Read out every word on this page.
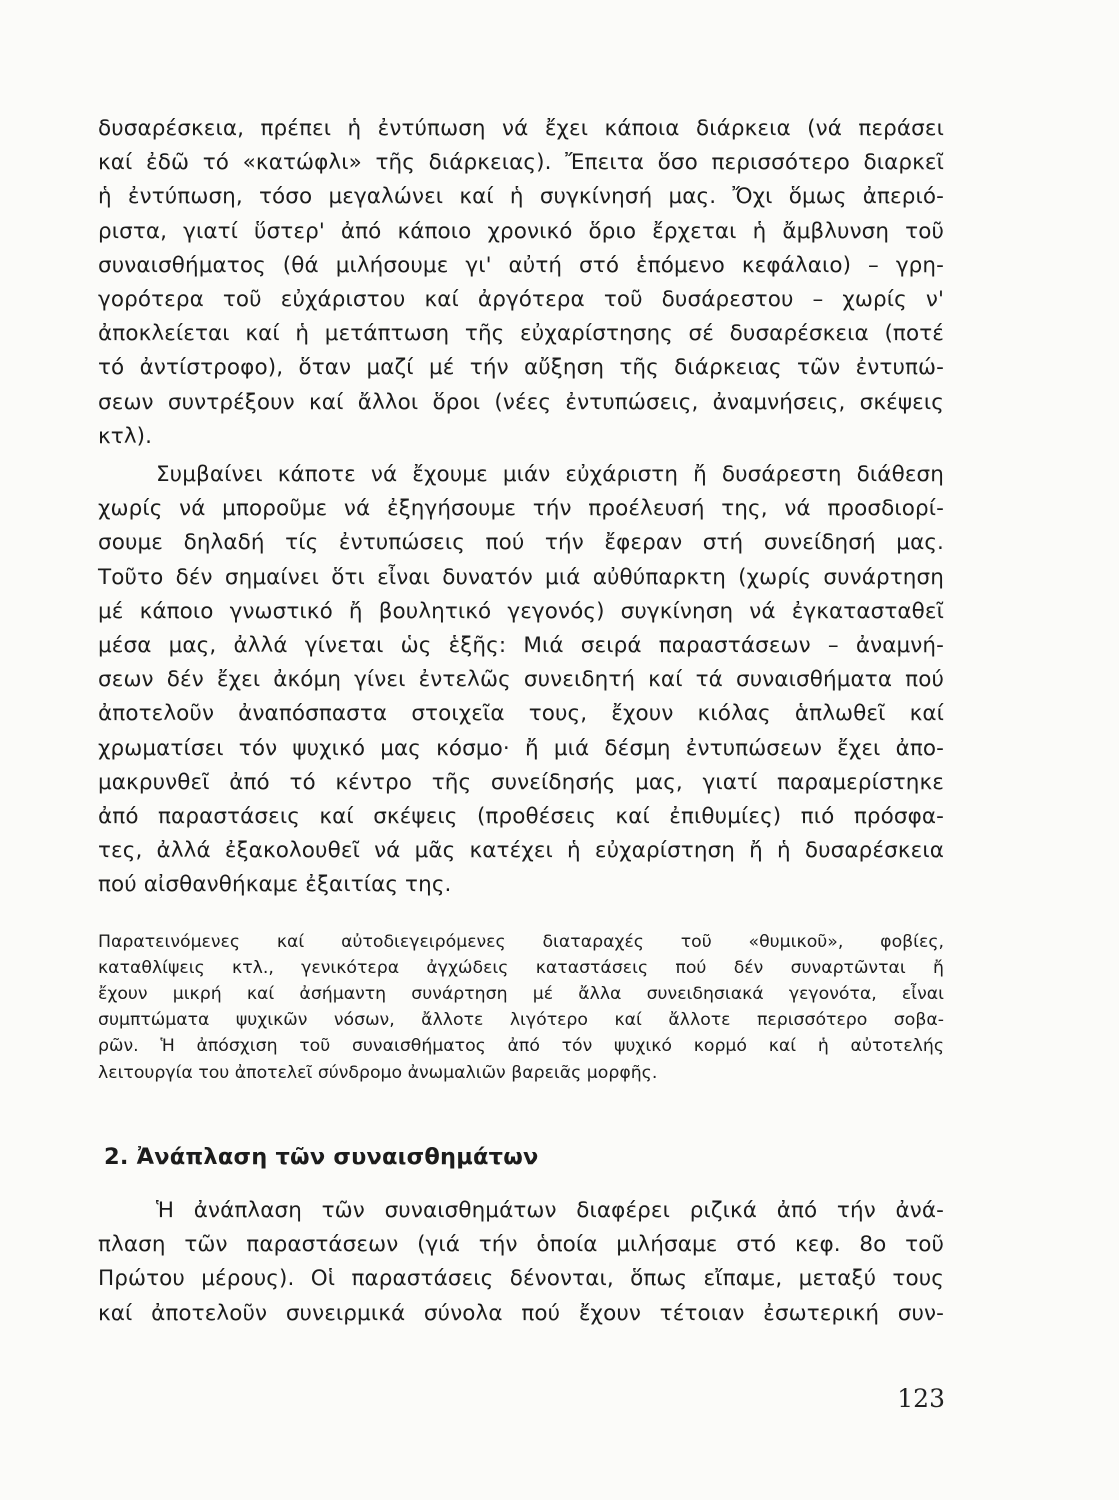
δυσαρέσκεια, πρέπει ἡ ἐντύπωση νά ἔχει κάποια διάρκεια (νά περάσει
καί ἐδῶ τό «κατώφλι» τῆς διάρκειας). Ἔπειτα ὅσο περισσότερο διαρκεῖ
ἡ ἐντύπωση, τόσο μεγαλώνει καί ἡ συγκίνησή μας. Ὄχι ὅμως ἀπεριό-
ριστα, γιατί ὕστερ' ἀπό κάποιο χρονικό ὅριο ἔρχεται ἡ ἄμβλυνση τοῦ
συναισθήματος (θά μιλήσουμε γι' αὐτή στό ἑπόμενο κεφάλαιο) – γρη-
γορότερα τοῦ εὐχάριστου καί ἀργότερα τοῦ δυσάρεστου – χωρίς ν'
ἀποκλείεται καί ἡ μετάπτωση τῆς εὐχαρίστησης σέ δυσαρέσκεια (ποτέ
τό ἀντίστροφο), ὅταν μαζί μέ τήν αὔξηση τῆς διάρκειας τῶν ἐντυπώ-
σεων συντρέξουν καί ἄλλοι ὅροι (νέες ἐντυπώσεις, ἀναμνήσεις, σκέψεις
κτλ).

Συμβαίνει κάποτε νά ἔχουμε μιάν εὐχάριστη ἤ δυσάρεστη διάθεση
χωρίς νά μποροῦμε νά ἐξηγήσουμε τήν προέλευσή της, νά προσδιορί-
σουμε δηλαδή τίς ἐντυπώσεις πού τήν ἔφεραν στή συνείδησή μας.
Τοῦτο δέν σημαίνει ὅτι εἶναι δυνατόν μιά αὐθύπαρκτη (χωρίς συνάρτηση
μέ κάποιο γνωστικό ἤ βουλητικό γεγονός) συγκίνηση νά ἐγκατασταθεῖ
μέσα μας, ἀλλά γίνεται ὡς ἑξῆς: Μιά σειρά παραστάσεων – ἀναμνή-
σεων δέν ἔχει ἀκόμη γίνει ἐντελῶς συνειδητή καί τά συναισθήματα πού
ἀποτελοῦν ἀναπόσπαστα στοιχεῖα τους, ἔχουν κιόλας ἁπλωθεῖ καί
χρωματίσει τόν ψυχικό μας κόσμο· ἤ μιά δέσμη ἐντυπώσεων ἔχει ἀπο-
μακρυνθεῖ ἀπό τό κέντρο τῆς συνείδησής μας, γιατί παραμερίστηκε
ἀπό παραστάσεις καί σκέψεις (προθέσεις καί ἐπιθυμίες) πιό πρόσφα-
τες, ἀλλά ἐξακολουθεῖ νά μᾶς κατέχει ἡ εὐχαρίστηση ἤ ἡ δυσαρέσκεια
πού αἰσθανθήκαμε ἐξαιτίας της.

Παρατεινόμενες καί αὐτοδιεγειρόμενες διαταραχές τοῦ «θυμικοῦ», φοβίες,
καταθλίψεις κτλ., γενικότερα ἀγχώδεις καταστάσεις πού δέν συναρτῶνται ἤ
ἔχουν μικρή καί ἀσήμαντη συνάρτηση μέ ἄλλα συνειδησιακά γεγονότα, εἶναι
συμπτώματα ψυχικῶν νόσων, ἄλλοτε λιγότερο καί ἄλλοτε περισσότερο σοβα-
ρῶν. Ἡ ἀπόσχιση τοῦ συναισθήματος ἀπό τόν ψυχικό κορμό καί ἡ αὐτοτελής
λειτουργία του ἀποτελεῖ σύνδρομο ἀνωμαλιῶν βαρειᾶς μορφῆς.

2. Ἀνάπλαση τῶν συναισθημάτων

Ἡ ἀνάπλαση τῶν συναισθημάτων διαφέρει ριζικά ἀπό τήν ἀνά-
πλαση τῶν παραστάσεων (γιά τήν ὁποία μιλήσαμε στό κεφ. 8ο τοῦ
Πρώτου μέρους). Οἱ παραστάσεις δένονται, ὅπως εἴπαμε, μεταξύ τους
καί ἀποτελοῦν συνειρμικά σύνολα πού ἔχουν τέτοιαν ἐσωτερική συν-

123
